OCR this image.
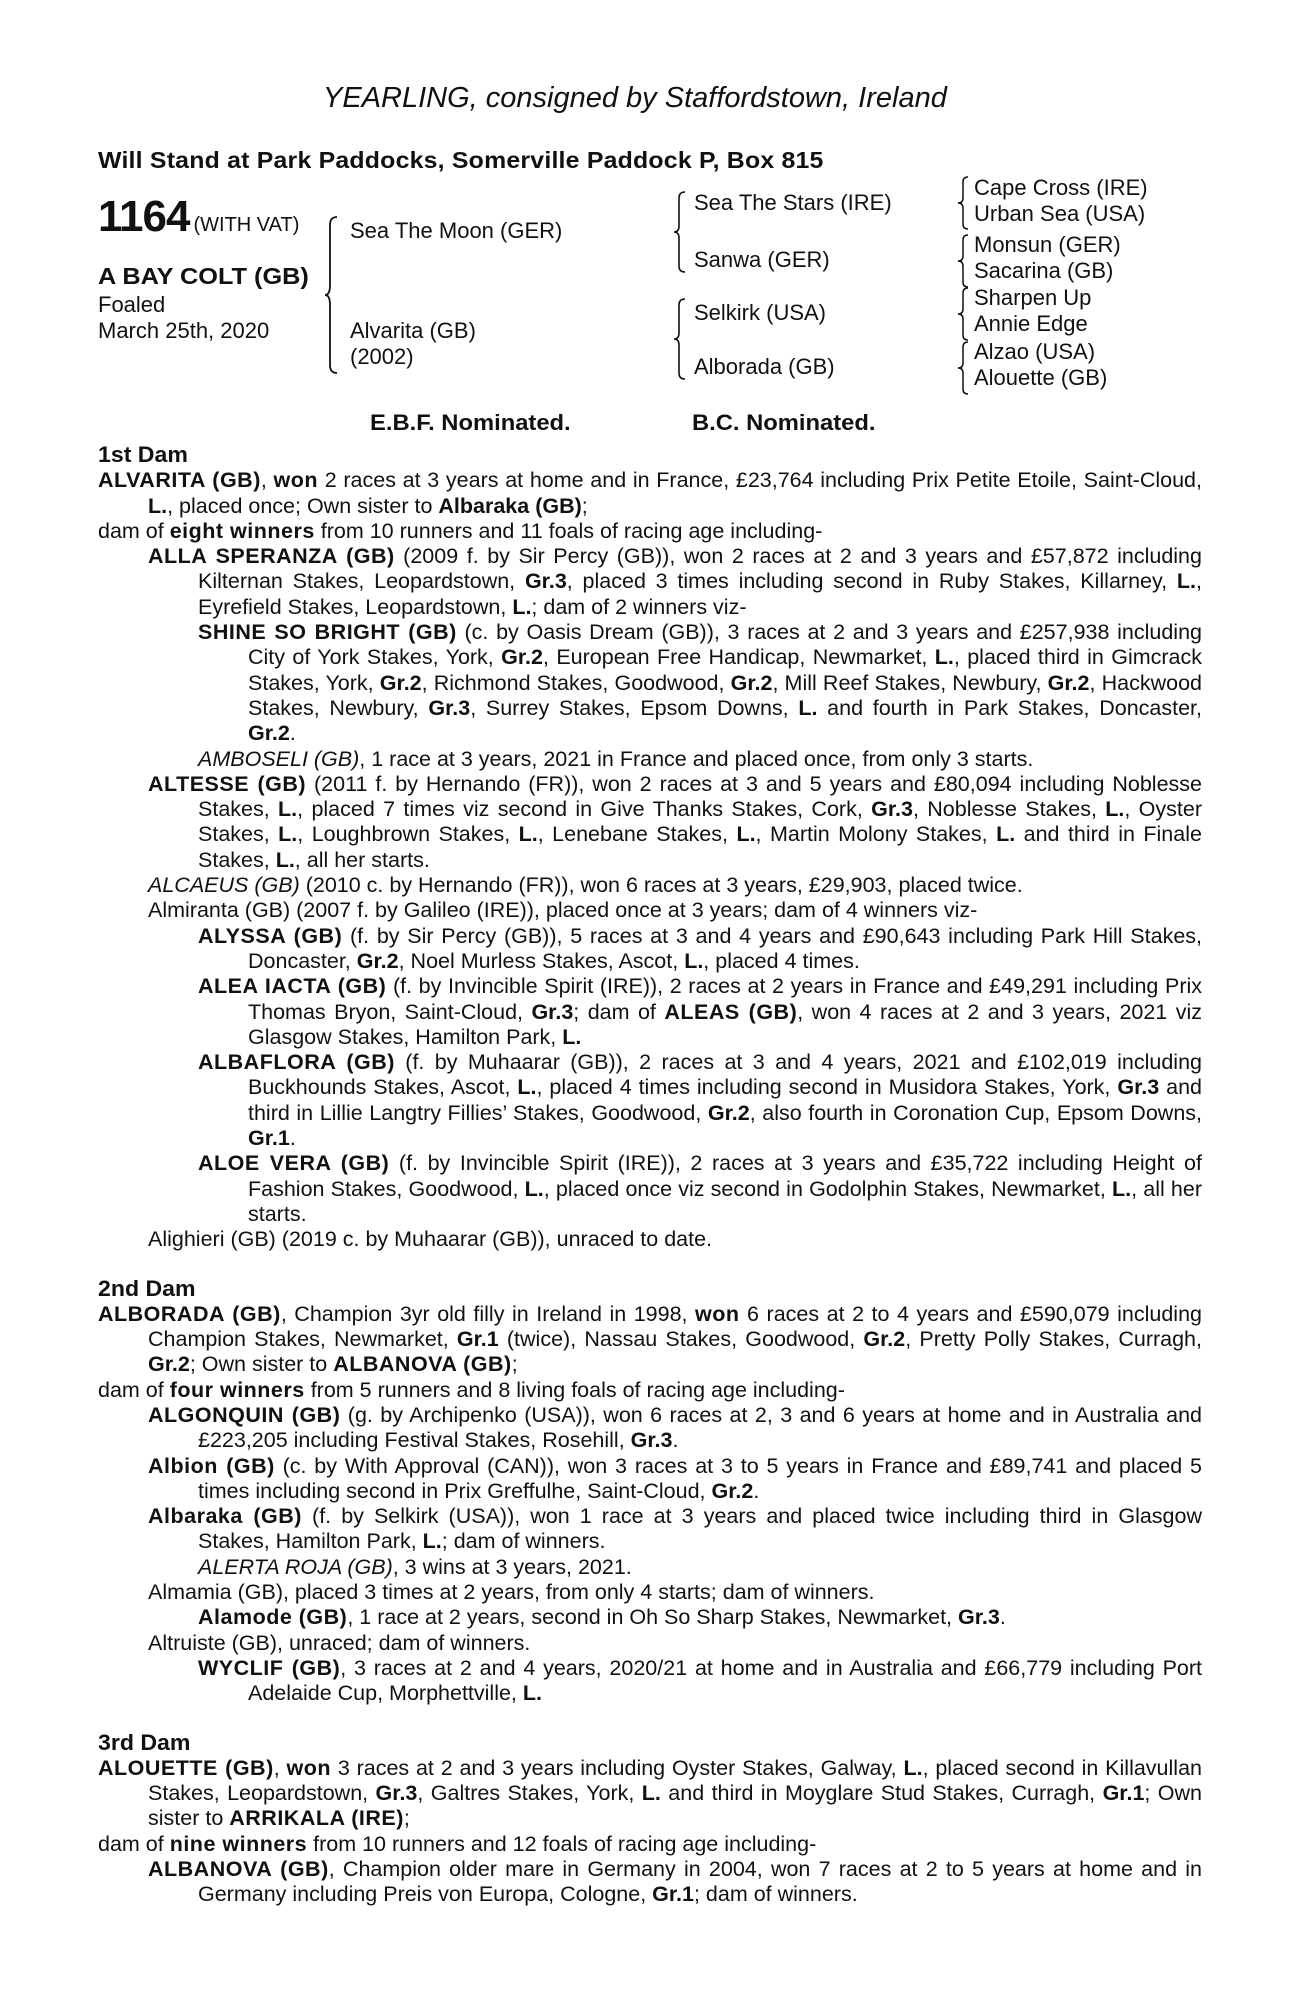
YEARLING, consigned by Staffordstown, Ireland
Will Stand at Park Paddocks, Somerville Paddock P, Box 815
1164 (WITH VAT)
A BAY COLT (GB)
Foaled
March 25th, 2020
Sea The Moon (GER)
Alvarita (GB)
(2002)
Sea The Stars (IRE)
Sanwa (GER)
Selkirk (USA)
Alborada (GB)
Cape Cross (IRE)
Urban Sea (USA)
Monsun (GER)
Sacarina (GB)
Sharpen Up
Annie Edge
Alzao (USA)
Alouette (GB)
E.B.F. Nominated.	B.C. Nominated.
1st Dam
ALVARITA (GB), won 2 races at 3 years at home and in France, £23,764 including Prix Petite Etoile, Saint-Cloud, L., placed once; Own sister to Albaraka (GB);
dam of eight winners from 10 runners and 11 foals of racing age including-
ALLA SPERANZA (GB) (2009 f. by Sir Percy (GB)), won 2 races at 2 and 3 years and £57,872 including Kilternan Stakes, Leopardstown, Gr.3, placed 3 times including second in Ruby Stakes, Killarney, L., Eyrefield Stakes, Leopardstown, L.; dam of 2 winners viz-
SHINE SO BRIGHT (GB) (c. by Oasis Dream (GB)), 3 races at 2 and 3 years and £257,938 including City of York Stakes, York, Gr.2, European Free Handicap, Newmarket, L., placed third in Gimcrack Stakes, York, Gr.2, Richmond Stakes, Goodwood, Gr.2, Mill Reef Stakes, Newbury, Gr.2, Hackwood Stakes, Newbury, Gr.3, Surrey Stakes, Epsom Downs, L. and fourth in Park Stakes, Doncaster, Gr.2.
AMBOSELI (GB), 1 race at 3 years, 2021 in France and placed once, from only 3 starts.
ALTESSE (GB) (2011 f. by Hernando (FR)), won 2 races at 3 and 5 years and £80,094 including Noblesse Stakes, L., placed 7 times viz second in Give Thanks Stakes, Cork, Gr.3, Noblesse Stakes, L., Oyster Stakes, L., Loughbrown Stakes, L., Lenebane Stakes, L., Martin Molony Stakes, L. and third in Finale Stakes, L., all her starts.
ALCAEUS (GB) (2010 c. by Hernando (FR)), won 6 races at 3 years, £29,903, placed twice.
Almiranta (GB) (2007 f. by Galileo (IRE)), placed once at 3 years; dam of 4 winners viz-
ALYSSA (GB) (f. by Sir Percy (GB)), 5 races at 3 and 4 years and £90,643 including Park Hill Stakes, Doncaster, Gr.2, Noel Murless Stakes, Ascot, L., placed 4 times.
ALEA IACTA (GB) (f. by Invincible Spirit (IRE)), 2 races at 2 years in France and £49,291 including Prix Thomas Bryon, Saint-Cloud, Gr.3; dam of ALEAS (GB), won 4 races at 2 and 3 years, 2021 viz Glasgow Stakes, Hamilton Park, L.
ALBAFLORA (GB) (f. by Muhaarar (GB)), 2 races at 3 and 4 years, 2021 and £102,019 including Buckhounds Stakes, Ascot, L., placed 4 times including second in Musidora Stakes, York, Gr.3 and third in Lillie Langtry Fillies’ Stakes, Goodwood, Gr.2, also fourth in Coronation Cup, Epsom Downs, Gr.1.
ALOE VERA (GB) (f. by Invincible Spirit (IRE)), 2 races at 3 years and £35,722 including Height of Fashion Stakes, Goodwood, L., placed once viz second in Godolphin Stakes, Newmarket, L., all her starts.
Alighieri (GB) (2019 c. by Muhaarar (GB)), unraced to date.
2nd Dam
ALBORADA (GB), Champion 3yr old filly in Ireland in 1998, won 6 races at 2 to 4 years and £590,079 including Champion Stakes, Newmarket, Gr.1 (twice), Nassau Stakes, Goodwood, Gr.2, Pretty Polly Stakes, Curragh, Gr.2; Own sister to ALBANOVA (GB);
dam of four winners from 5 runners and 8 living foals of racing age including-
ALGONQUIN (GB) (g. by Archipenko (USA)), won 6 races at 2, 3 and 6 years at home and in Australia and £223,205 including Festival Stakes, Rosehill, Gr.3.
Albion (GB) (c. by With Approval (CAN)), won 3 races at 3 to 5 years in France and £89,741 and placed 5 times including second in Prix Greffulhe, Saint-Cloud, Gr.2.
Albaraka (GB) (f. by Selkirk (USA)), won 1 race at 3 years and placed twice including third in Glasgow Stakes, Hamilton Park, L.; dam of winners.
ALERTA ROJA (GB), 3 wins at 3 years, 2021.
Almamia (GB), placed 3 times at 2 years, from only 4 starts; dam of winners.
Alamode (GB), 1 race at 2 years, second in Oh So Sharp Stakes, Newmarket, Gr.3.
Altruiste (GB), unraced; dam of winners.
WYCLIF (GB), 3 races at 2 and 4 years, 2020/21 at home and in Australia and £66,779 including Port Adelaide Cup, Morphettville, L.
3rd Dam
ALOUETTE (GB), won 3 races at 2 and 3 years including Oyster Stakes, Galway, L., placed second in Killavullan Stakes, Leopardstown, Gr.3, Galtres Stakes, York, L. and third in Moyglare Stud Stakes, Curragh, Gr.1; Own sister to ARRIKALA (IRE);
dam of nine winners from 10 runners and 12 foals of racing age including-
ALBANOVA (GB), Champion older mare in Germany in 2004, won 7 races at 2 to 5 years at home and in Germany including Preis von Europa, Cologne, Gr.1; dam of winners.
